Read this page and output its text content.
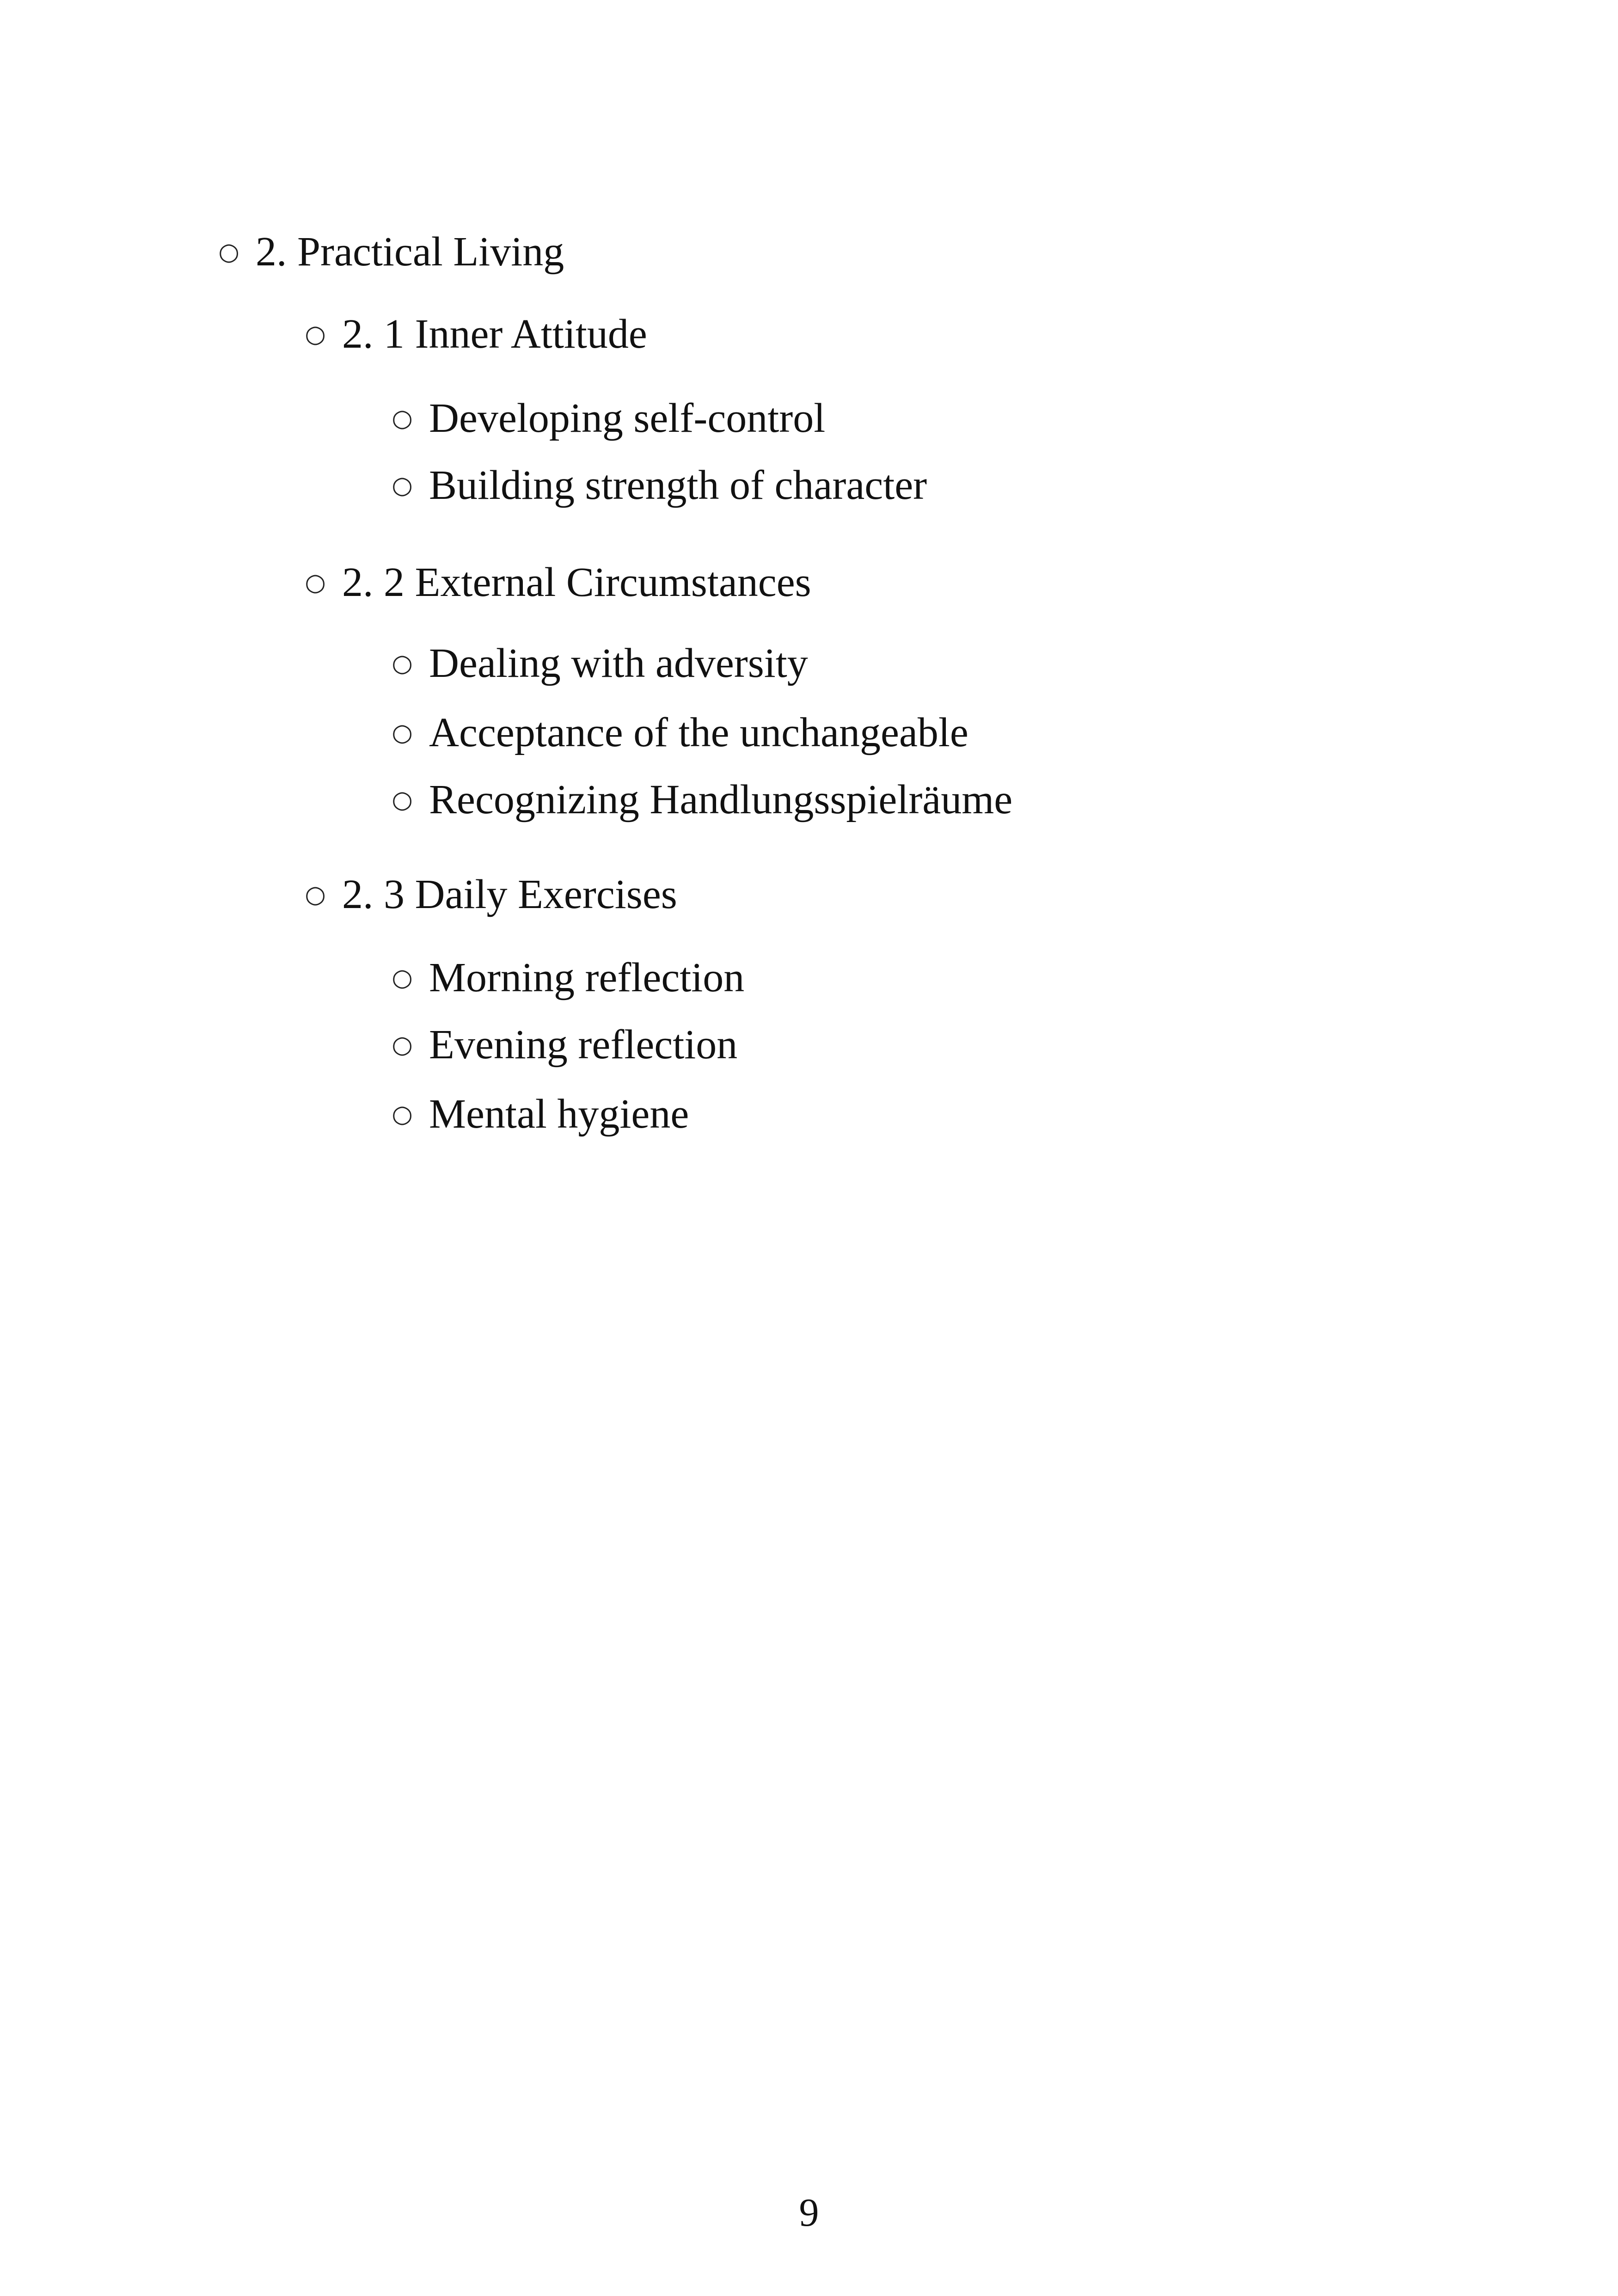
○ 2. Practical Living
○ 2. 1 Inner Attitude
○ Developing self-control
○ Building strength of character
○ 2. 2 External Circumstances
○ Dealing with adversity
○ Acceptance of the unchangeable
○ Recognizing Handlungsspielräume
○ 2. 3 Daily Exercises
○ Morning reflection
○ Evening reflection
○ Mental hygiene
9
